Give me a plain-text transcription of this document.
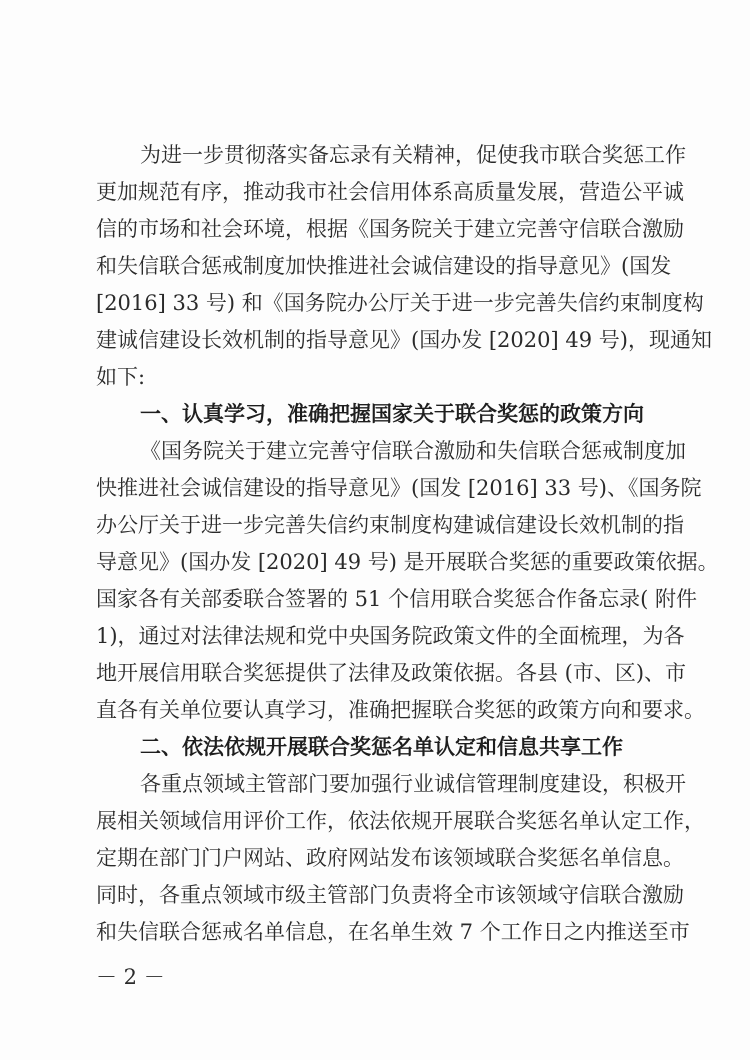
为进一步贯彻落实备忘录有关精神，促使我市联合奖惩工作
更加规范有序，推动我市社会信用体系高质量发展，营造公平诚
信的市场和社会环境，根据《国务院关于建立完善守信联合激励
和失信联合惩戒制度加快推进社会诚信建设的指导意见》(国发
[2016] 33 号) 和《国务院办公厅关于进一步完善失信约束制度构
建诚信建设长效机制的指导意见》(国办发 [2020] 49 号)，现通知
如下:
一、认真学习，准确把握国家关于联合奖惩的政策方向
《国务院关于建立完善守信联合激励和失信联合惩戒制度加
快推进社会诚信建设的指导意见》(国发 [2016] 33 号)、《国务院
办公厅关于进一步完善失信约束制度构建诚信建设长效机制的指
导意见》(国办发 [2020] 49 号) 是开展联合奖惩的重要政策依据。
国家各有关部委联合签署的 51 个信用联合奖惩合作备忘录( 附件
1)，通过对法律法规和党中央国务院政策文件的全面梳理，为各
地开展信用联合奖惩提供了法律及政策依据。各县 (市、区)、市
直各有关单位要认真学习，准确把握联合奖惩的政策方向和要求。
二、依法依规开展联合奖惩名单认定和信息共享工作
各重点领域主管部门要加强行业诚信管理制度建设，积极开
展相关领域信用评价工作，依法依规开展联合奖惩名单认定工作，
定期在部门门户网站、政府网站发布该领域联合奖惩名单信息。
同时，各重点领域市级主管部门负责将全市该领域守信联合激励
和失信联合惩戒名单信息，在名单生效 7 个工作日之内推送至市
－ 2 －
